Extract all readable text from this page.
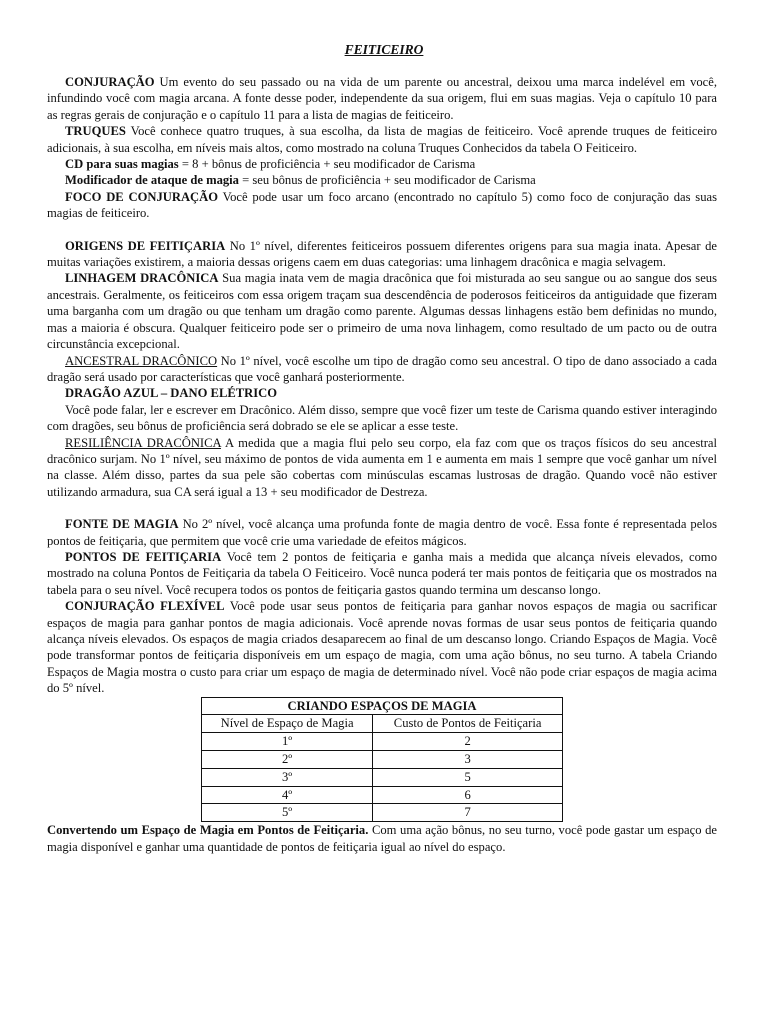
FEITICEIRO

CONJURAÇÃO Um evento do seu passado ou na vida de um parente ou ancestral, deixou uma marca indelével em você, infundindo você com magia arcana. A fonte desse poder, independente da sua origem, flui em suas magias. Veja o capítulo 10 para as regras gerais de conjuração e o capítulo 11 para a lista de magias de feiticeiro.

TRUQUES Você conhece quatro truques, à sua escolha, da lista de magias de feiticeiro. Você aprende truques de feiticeiro adicionais, à sua escolha, em níveis mais altos, como mostrado na coluna Truques Conhecidos da tabela O Feiticeiro.

CD para suas magias = 8 + bônus de proficiência + seu modificador de Carisma

Modificador de ataque de magia = seu bônus de proficiência + seu modificador de Carisma

FOCO DE CONJURAÇÃO Você pode usar um foco arcano (encontrado no capítulo 5) como foco de conjuração das suas magias de feiticeiro.

ORIGENS DE FEITIÇARIA No 1º nível, diferentes feiticeiros possuem diferentes origens para sua magia inata. Apesar de muitas variações existirem, a maioria dessas origens caem em duas categorias: uma linhagem dracônica e magia selvagem.

LINHAGEM DRACÔNICA Sua magia inata vem de magia dracônica que foi misturada ao seu sangue ou ao sangue dos seus ancestrais. Geralmente, os feiticeiros com essa origem traçam sua descendência de poderosos feiticeiros da antiguidade que fizeram uma barganha com um dragão ou que tenham um dragão como parente. Algumas dessas linhagens estão bem definidas no mundo, mas a maioria é obscura. Qualquer feiticeiro pode ser o primeiro de uma nova linhagem, como resultado de um pacto ou de outra circunstância excepcional.

ANCESTRAL DRACÔNICO No 1º nível, você escolhe um tipo de dragão como seu ancestral. O tipo de dano associado a cada dragão será usado por características que você ganhará posteriormente.

DRAGÃO AZUL – DANO ELÉTRICO

Você pode falar, ler e escrever em Dracônico. Além disso, sempre que você fizer um teste de Carisma quando estiver interagindo com dragões, seu bônus de proficiência será dobrado se ele se aplicar a esse teste.

RESILIÊNCIA DRACÔNICA A medida que a magia flui pelo seu corpo, ela faz com que os traços físicos do seu ancestral dracônico surjam. No 1º nível, seu máximo de pontos de vida aumenta em 1 e aumenta em mais 1 sempre que você ganhar um nível na classe. Além disso, partes da sua pele são cobertas com minúsculas escamas lustrosas de dragão. Quando você não estiver utilizando armadura, sua CA será igual a 13 + seu modificador de Destreza.

FONTE DE MAGIA No 2º nível, você alcança uma profunda fonte de magia dentro de você. Essa fonte é representada pelos pontos de feitiçaria, que permitem que você crie uma variedade de efeitos mágicos.

PONTOS DE FEITIÇARIA Você tem 2 pontos de feitiçaria e ganha mais a medida que alcança níveis elevados, como mostrado na coluna Pontos de Feitiçaria da tabela O Feiticeiro. Você nunca poderá ter mais pontos de feitiçaria que os mostrados na tabela para o seu nível. Você recupera todos os pontos de feitiçaria gastos quando termina um descanso longo.

CONJURAÇÃO FLEXÍVEL Você pode usar seus pontos de feitiçaria para ganhar novos espaços de magia ou sacrificar espaços de magia para ganhar pontos de magia adicionais. Você aprende novas formas de usar seus pontos de feitiçaria quando alcança níveis elevados. Os espaços de magia criados desaparecem ao final de um descanso longo. Criando Espaços de Magia. Você pode transformar pontos de feitiçaria disponíveis em um espaço de magia, com uma ação bônus, no seu turno. A tabela Criando Espaços de Magia mostra o custo para criar um espaço de magia de determinado nível. Você não pode criar espaços de magia acima do 5º nível.

CRIANDO ESPAÇOS DE MAGIA	
Nível de Espaço de Magia	Custo de Pontos de Feitiçaria
1º	2
2º	3
3º	5
4º	6
5º	7

Convertendo um Espaço de Magia em Pontos de Feitiçaria. Com uma ação bônus, no seu turno, você pode gastar um espaço de magia disponível e ganhar uma quantidade de pontos de feitiçaria igual ao nível do espaço.
